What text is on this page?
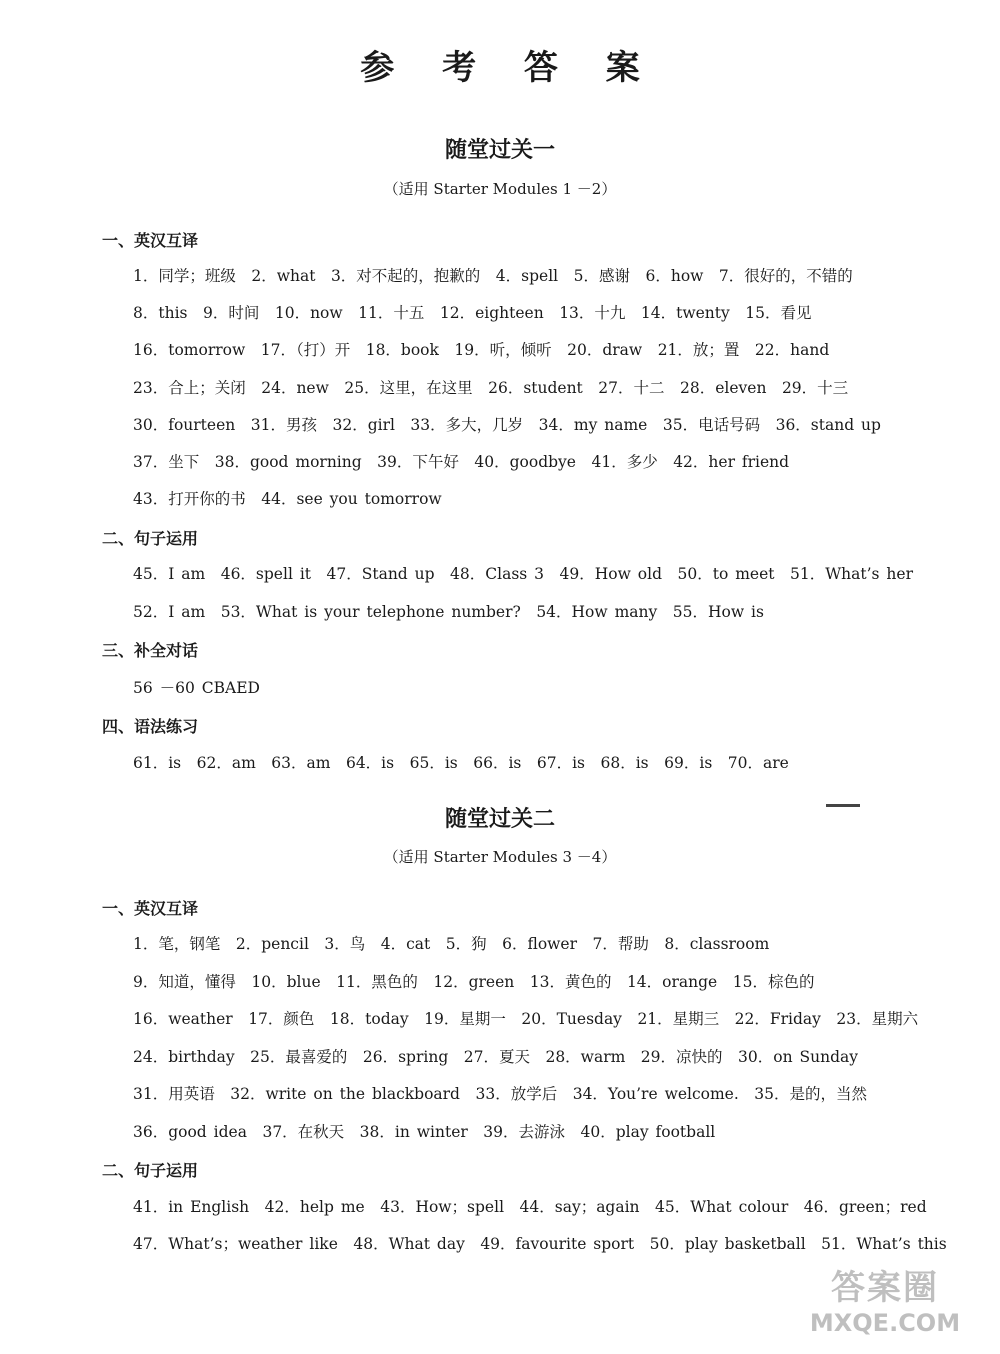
参 考 答 案
随堂过关一
（适用 Starter Modules 1 －2）
一、英汉互译
1．同学；班级　2．what　3．对不起的，抱歉的　4．spell　5．感谢　6．how　7．很好的，不错的
8．this　9．时间　10．now　11．十五　12．eighteen　13．十九　14．twenty　15．看见
16．tomorrow　17．（打）开　18．book　19．听，倾听　20．draw　21．放；置　22．hand
23．合上；关闭　24．new　25．这里，在这里　26．student　27．十二　28．eleven　29．十三
30．fourteen　31．男孩　32．girl　33．多大，几岁　34．my name　35．电话号码　36．stand up
37．坐下　38．good morning　39．下午好　40．goodbye　41．多少　42．her friend
43．打开你的书　44．see you tomorrow
二、句子运用
45．I am　46．spell it　47．Stand up　48．Class 3　49．How old　50．to meet　51．What’s her
52．I am　53．What is your telephone number?　54．How many　55．How is
三、补全对话
56 －60 CBAED
四、语法练习
61．is　62．am　63．am　64．is　65．is　66．is　67．is　68．is　69．is　70．are
随堂过关二
（适用 Starter Modules 3 －4）
一、英汉互译
1．笔，钢笔　2．pencil　3．鸟　4．cat　5．狗　6．flower　7．帮助　8．classroom
9．知道，懂得　10．blue　11．黑色的　12．green　13．黄色的　14．orange　15．棕色的
16．weather　17．颜色　18．today　19．星期一　20．Tuesday　21．星期三　22．Friday　23．星期六
24．birthday　25．最喜爱的　26．spring　27．夏天　28．warm　29．凉快的　30．on Sunday
31．用英语　32．write on the blackboard　33．放学后　34．You’re welcome.　35．是的，当然
36．good idea　37．在秋天　38．in winter　39．去游泳　40．play football
二、句子运用
41．in English　42．help me　43．How；spell　44．say；again　45．What colour　46．green；red
47．What’s；weather like　48．What day　49．favourite sport　50．play basketball　51．What’s this
答案圈
MXQE.COM
